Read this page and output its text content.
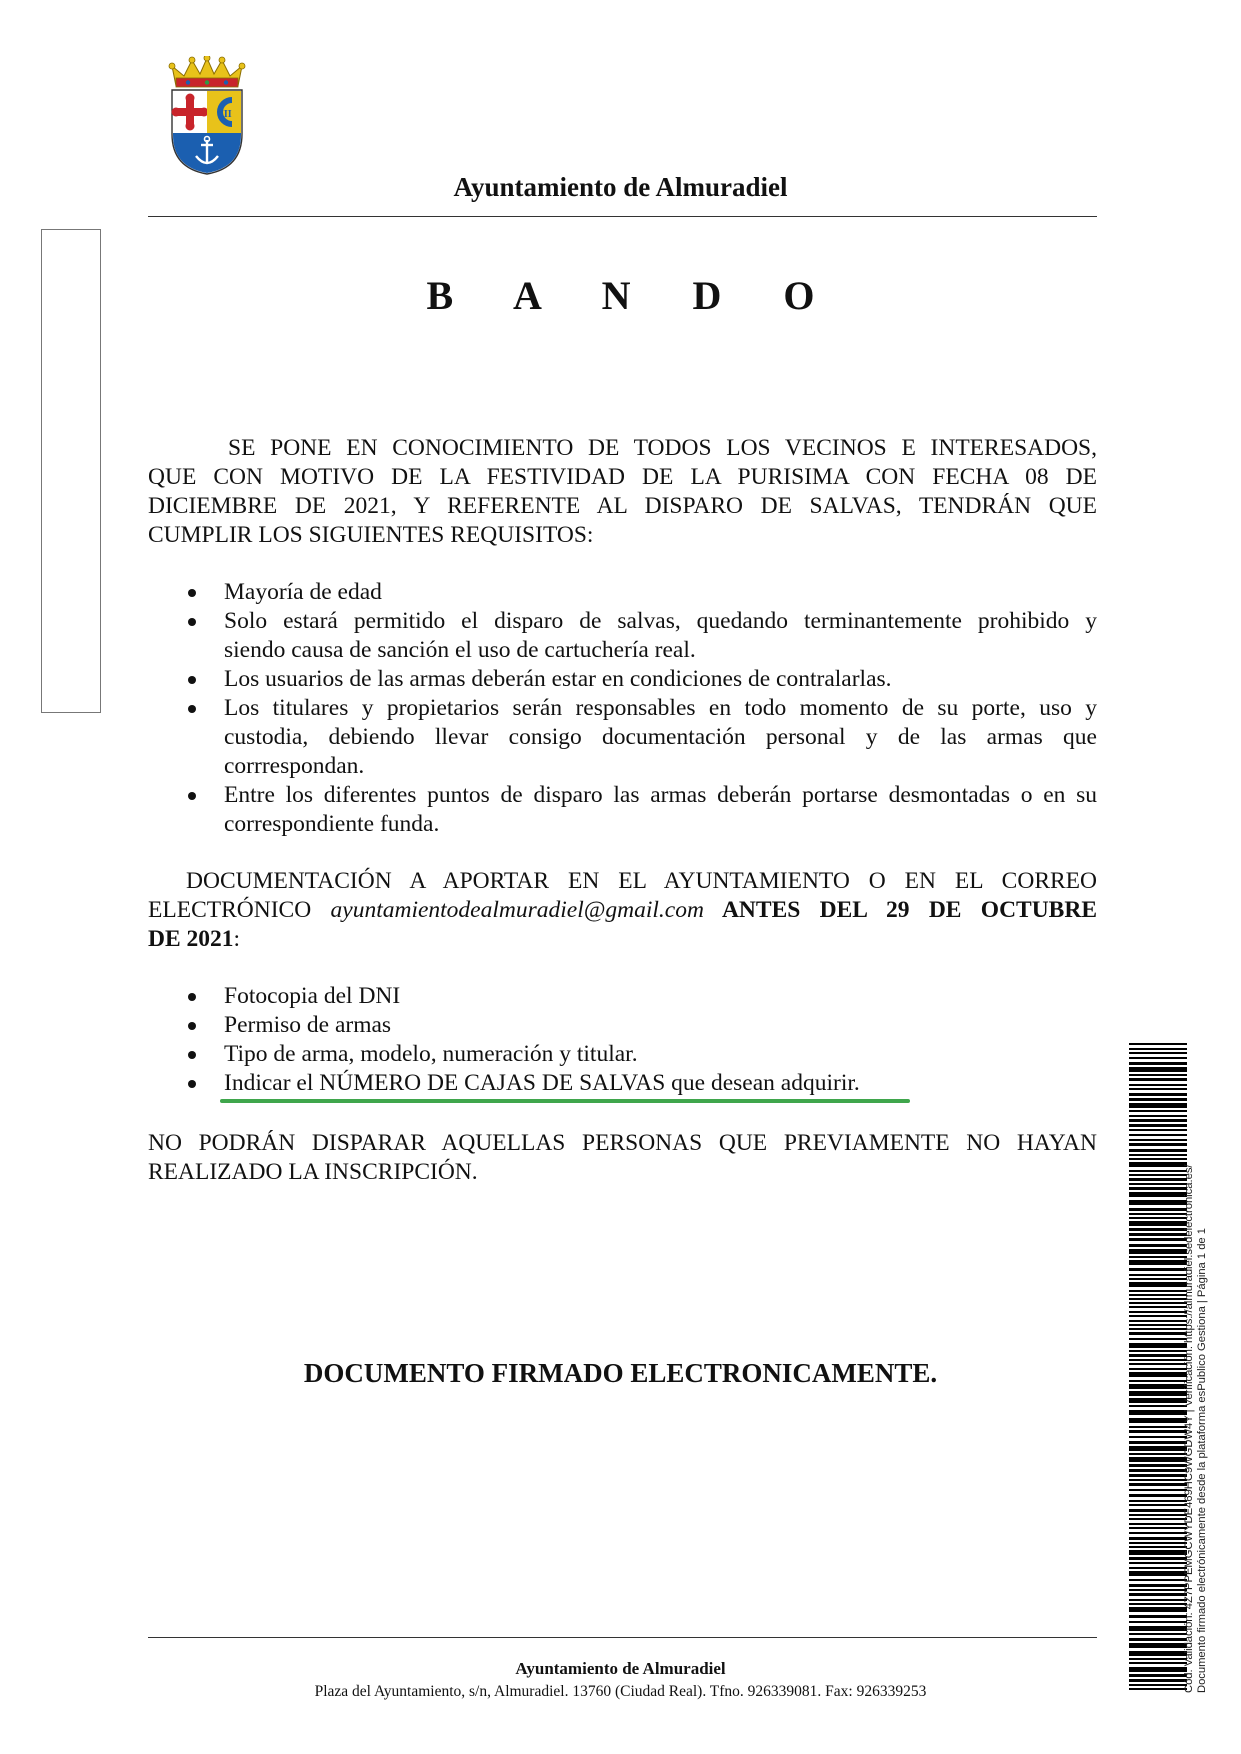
III
Ayuntamiento de Almuradiel
B A N D O
SE PONE EN CONOCIMIENTO DE TODOS LOS VECINOS E INTERESADOS,
QUE CON MOTIVO DE LA FESTIVIDAD DE LA PURISIMA CON FECHA 08 DE
DICIEMBRE DE 2021, Y REFERENTE AL DISPARO DE SALVAS, TENDRÁN QUE
CUMPLIR LOS SIGUIENTES REQUISITOS:
Mayoría de edad
Solo estará permitido el disparo de salvas, quedando terminantemente prohibido y
siendo causa de sanción el uso de cartuchería real.
Los usuarios de las armas deberán estar en condiciones de contralarlas.
Los titulares y propietarios serán responsables en todo momento de su porte, uso y
custodia, debiendo llevar consigo documentación personal y de las armas que
corrrespondan.
Entre los diferentes puntos de disparo las armas deberán portarse desmontadas o en su
correspondiente funda.
DOCUMENTACIÓN A APORTAR EN EL AYUNTAMIENTO O EN EL CORREO
ELECTRÓNICO ayuntamientodealmuradiel@gmail.com ANTES DEL 29 DE OCTUBRE
DE 2021:
Fotocopia del DNI
Permiso de armas
Tipo de arma, modelo, numeración y titular.
Indicar el NÚMERO DE CAJAS DE SALVAS que desean adquirir.
NO PODRÁN DISPARAR AQUELLAS PERSONAS QUE PREVIAMENTE NO HAYAN
REALIZADO LA INSCRIPCIÓN.
DOCUMENTO FIRMADO ELECTRONICAMENTE.
Ayuntamiento de Almuradiel
Plaza del Ayuntamiento, s/n, Almuradiel. 13760 (Ciudad Real). Tfno. 926339081. Fax: 926339253	Cód. Validación: 4Z7PPEMGCWYDE469HC9WGDW4Y | Verificación: https://almuradiel.sedelectronica.es/ Documento firmado electrónicamente desde la plataforma esPublico Gestiona | Página 1 de 1
